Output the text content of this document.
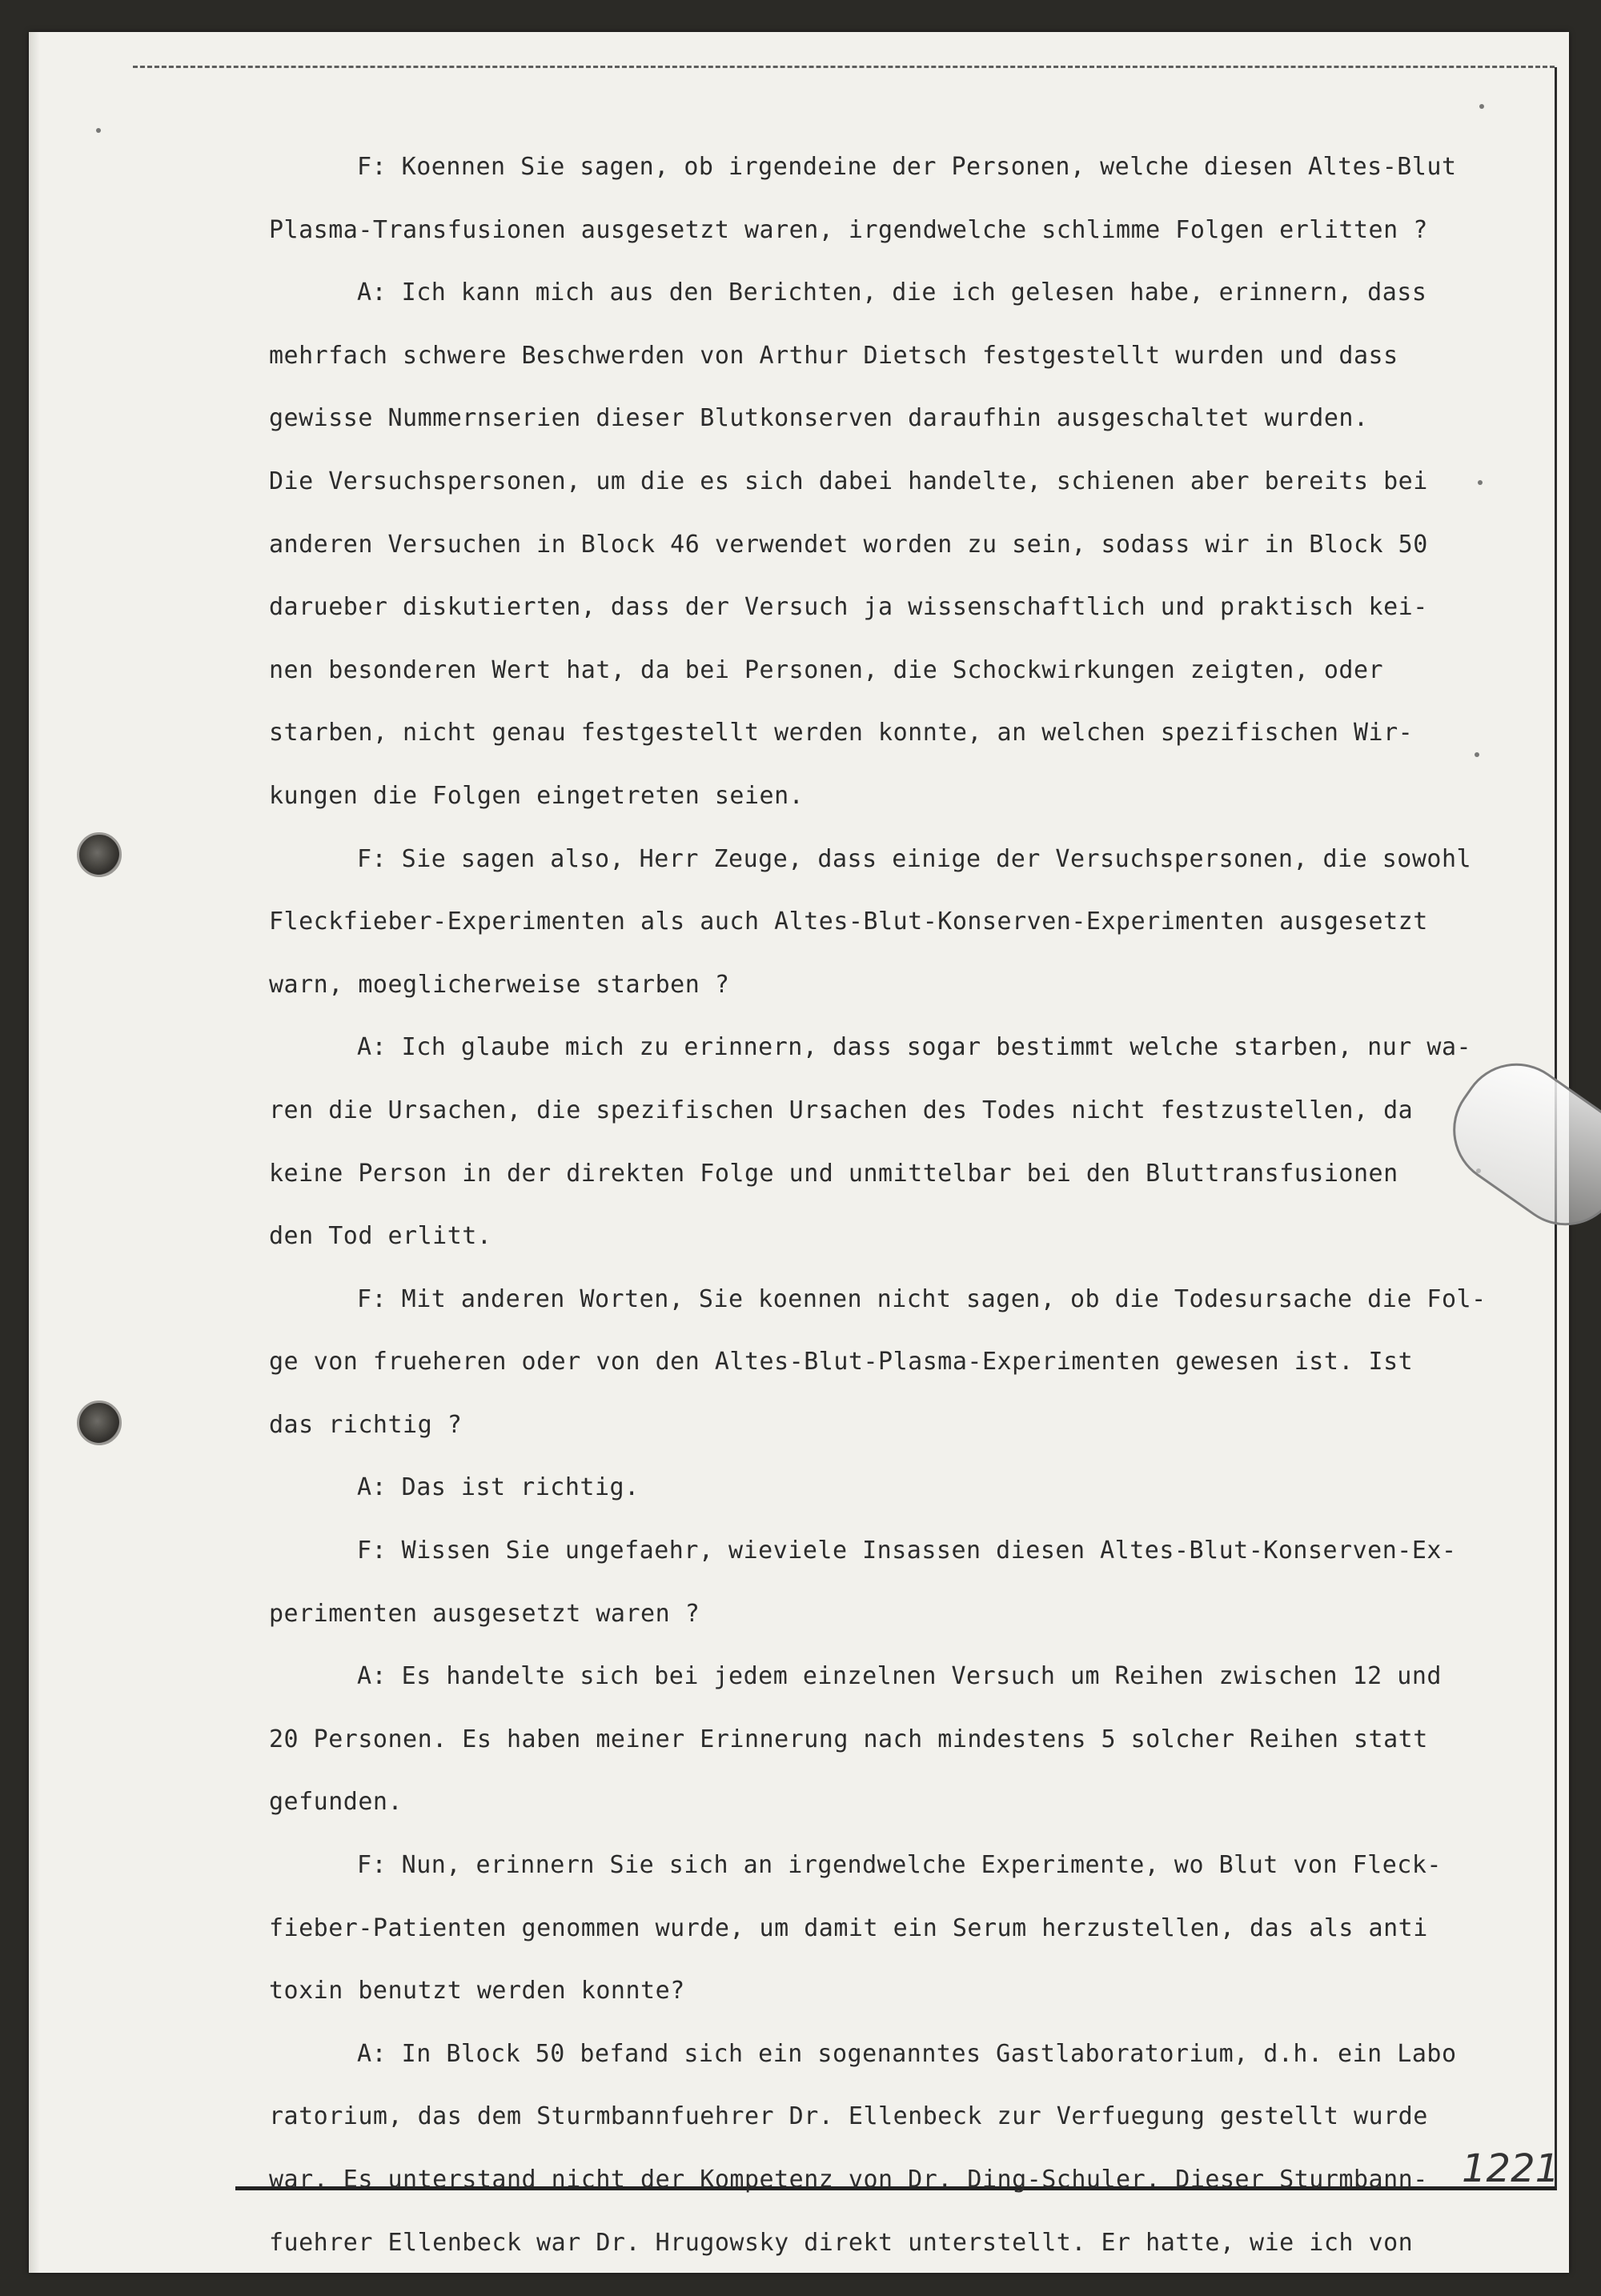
F: Koennen Sie sagen, ob irgendeine der Personen, welche diesen Altes-Blut
Plasma-Transfusionen ausgesetzt waren, irgendwelche schlimme Folgen erlitten ?
A: Ich kann mich aus den Berichten, die ich gelesen habe, erinnern, dass
mehrfach schwere Beschwerden von Arthur Dietsch festgestellt wurden und dass
gewisse Nummernserien dieser Blutkonserven daraufhin ausgeschaltet wurden.
Die Versuchspersonen, um die es sich dabei handelte, schienen aber bereits bei
anderen Versuchen in Block 46 verwendet worden zu sein, sodass wir in Block 50
darueber diskutierten, dass der Versuch ja wissenschaftlich und praktisch kei-
nen besonderen Wert hat, da bei Personen, die Schockwirkungen zeigten, oder
starben, nicht genau festgestellt werden konnte, an welchen spezifischen Wir-
kungen die Folgen eingetreten seien.
F: Sie sagen also, Herr Zeuge, dass einige der Versuchspersonen, die sowohl
Fleckfieber-Experimenten als auch Altes-Blut-Konserven-Experimenten ausgesetzt
warn, moeglicherweise starben ?
A: Ich glaube mich zu erinnern, dass sogar bestimmt welche starben, nur wa-
ren die Ursachen, die spezifischen Ursachen des Todes nicht festzustellen, da
keine Person in der direkten Folge und unmittelbar bei den Bluttransfusionen
den Tod erlitt.
F: Mit anderen Worten, Sie koennen nicht sagen, ob die Todesursache die Fol-
ge von frueheren oder von den Altes-Blut-Plasma-Experimenten gewesen ist. Ist
das richtig ?
A: Das ist richtig.
F: Wissen Sie ungefaehr, wieviele Insassen diesen Altes-Blut-Konserven-Ex-
perimenten ausgesetzt waren ?
A: Es handelte sich bei jedem einzelnen Versuch um Reihen zwischen 12 und
20 Personen. Es haben meiner Erinnerung nach mindestens 5 solcher Reihen statt
gefunden.
F: Nun, erinnern Sie sich an irgendwelche Experimente, wo Blut von Fleck-
fieber-Patienten genommen wurde, um damit ein Serum herzustellen, das als anti
toxin benutzt werden konnte?
A: In Block 50 befand sich ein sogenanntes Gastlaboratorium, d.h. ein Labo
ratorium, das dem Sturmbannfuehrer Dr. Ellenbeck zur Verfuegung gestellt wurde
war. Es unterstand nicht der Kompetenz von Dr. Ding-Schuler. Dieser Sturmbann-
fuehrer Ellenbeck war Dr. Hrugowsky direkt unterstellt. Er hatte, wie ich von
1221
